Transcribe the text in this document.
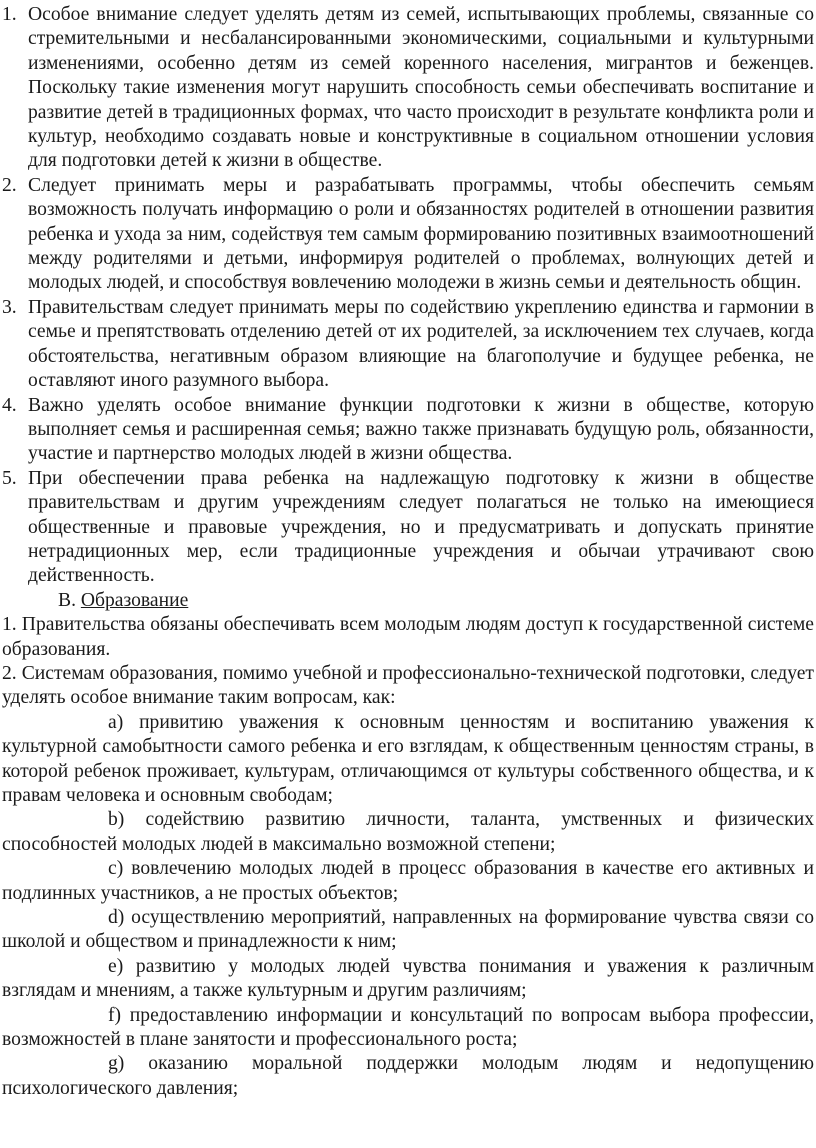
1. Особое внимание следует уделять детям из семей, испытывающих проблемы, связанные со стремительными и несбалансированными экономическими, социальными и культурными изменениями, особенно детям из семей коренного населения, мигрантов и беженцев. Поскольку такие изменения могут нарушить способность семьи обеспечивать воспитание и развитие детей в традиционных формах, что часто происходит в результате конфликта роли и культур, необходимо создавать новые и конструктивные в социальном отношении условия для подготовки детей к жизни в обществе.
2. Следует принимать меры и разрабатывать программы, чтобы обеспечить семьям возможность получать информацию о роли и обязанностях родителей в отношении развития ребенка и ухода за ним, содействуя тем самым формированию позитивных взаимоотношений между родителями и детьми, информируя родителей о проблемах, волнующих детей и молодых людей, и способствуя вовлечению молодежи в жизнь семьи и деятельность общин.
3. Правительствам следует принимать меры по содействию укреплению единства и гармонии в семье и препятствовать отделению детей от их родителей, за исключением тех случаев, когда обстоятельства, негативным образом влияющие на благополучие и будущее ребенка, не оставляют иного разумного выбора.
4. Важно уделять особое внимание функции подготовки к жизни в обществе, которую выполняет семья и расширенная семья; важно также признавать будущую роль, обязанности, участие и партнерство молодых людей в жизни общества.
5. При обеспечении права ребенка на надлежащую подготовку к жизни в обществе правительствам и другим учреждениям следует полагаться не только на имеющиеся общественные и правовые учреждения, но и предусматривать и допускать принятие нетрадиционных мер, если традиционные учреждения и обычаи утрачивают свою действенность.

В. Образование

1. Правительства обязаны обеспечивать всем молодым людям доступ к государственной системе образования.

2. Системам образования, помимо учебной и профессионально-технической подготовки, следует уделять особое внимание таким вопросам, как:

а) привитию уважения к основным ценностям и воспитанию уважения к культурной самобытности самого ребенка и его взглядам, к общественным ценностям страны, в которой ребенок проживает, культурам, отличающимся от культуры собственного общества, и к правам человека и основным свободам;

b) содействию развитию личности, таланта, умственных и физических способностей молодых людей в максимально возможной степени;

c) вовлечению молодых людей в процесс образования в качестве его активных и подлинных участников, а не простых объектов;

d) осуществлению мероприятий, направленных на формирование чувства связи со школой и обществом и принадлежности к ним;

e) развитию у молодых людей чувства понимания и уважения к различным взглядам и мнениям, а также культурным и другим различиям;

f) предоставлению информации и консультаций по вопросам выбора профессии, возможностей в плане занятости и профессионального роста;

g) оказанию моральной поддержки молодым людям и недопущению психологического давления;
